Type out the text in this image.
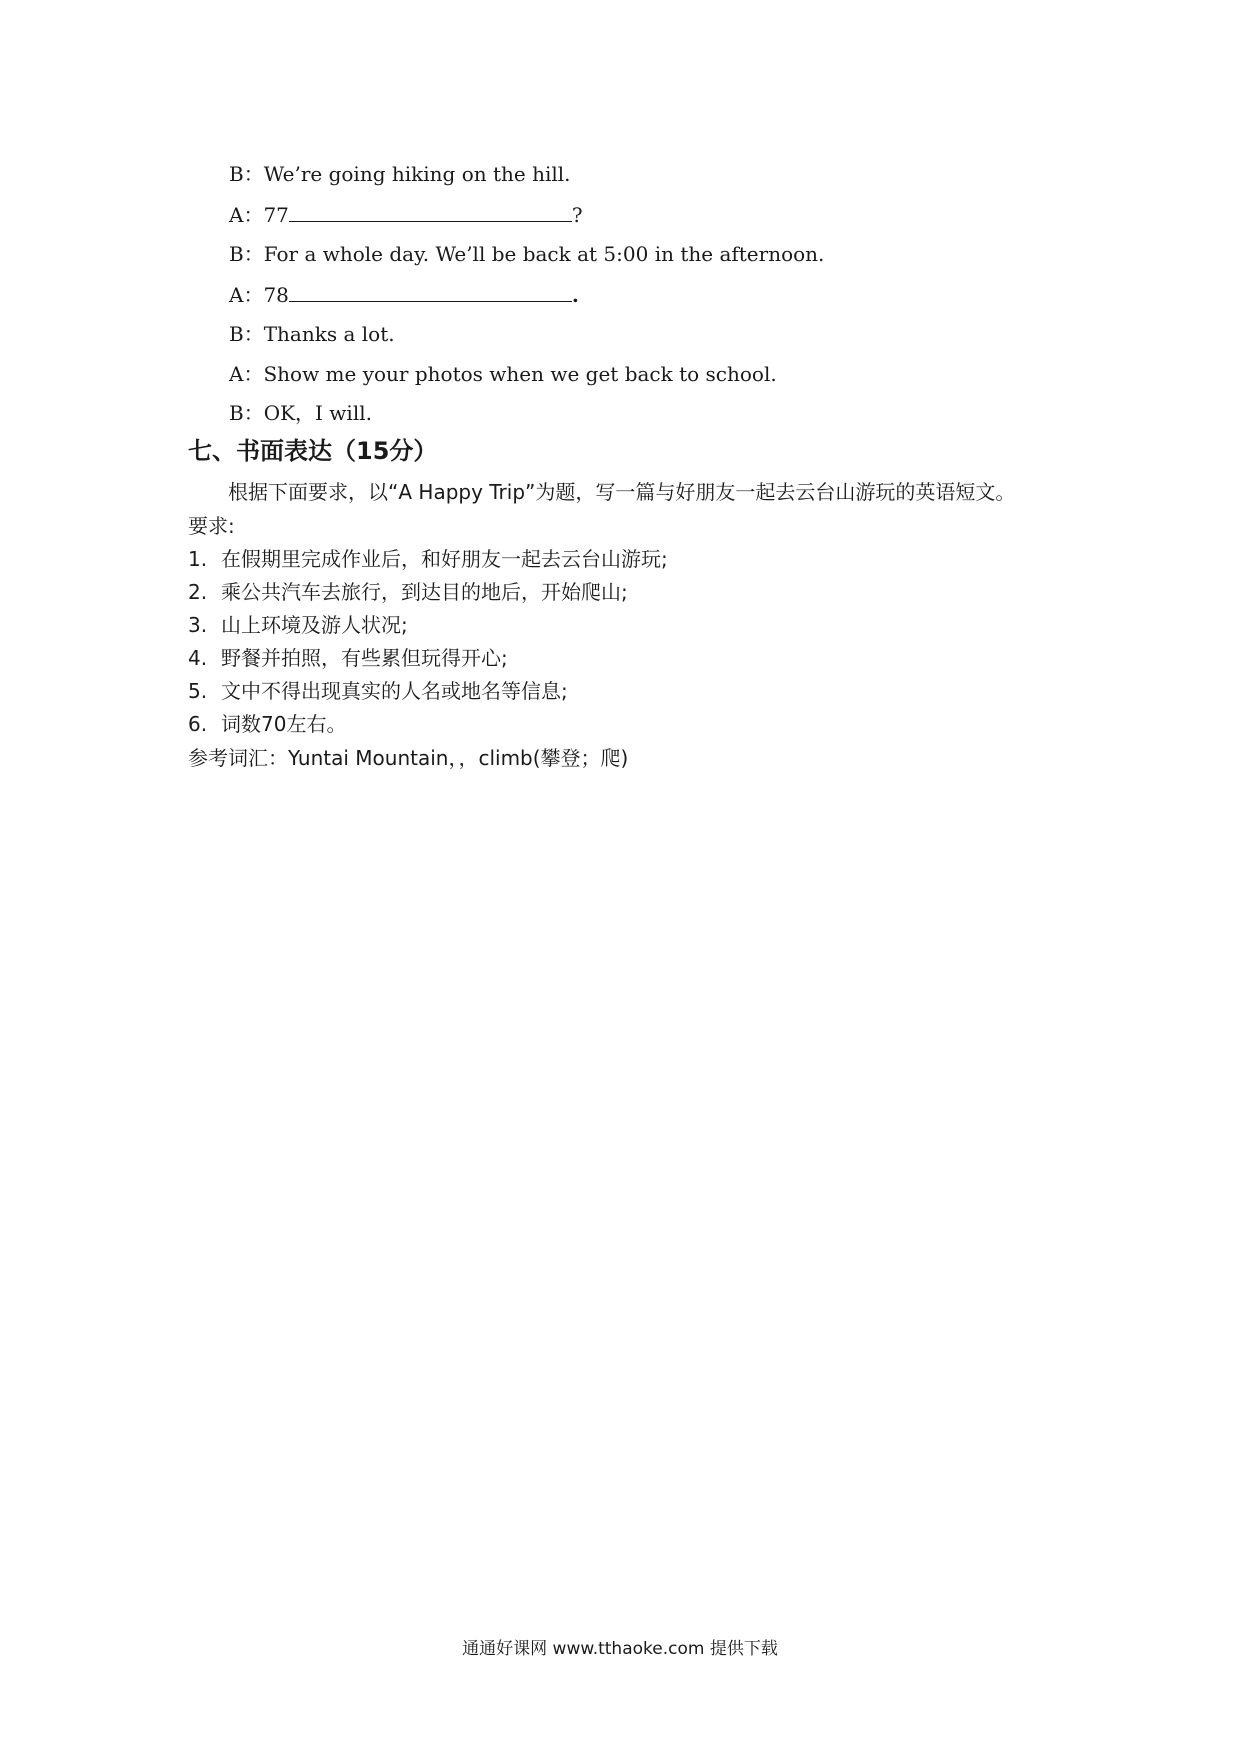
B：We’re going hiking on the hill.
A：77	?
B：For a whole day. We’ll be back at 5:00 in the afternoon.
A：78	.
B：Thanks a lot.
A：Show me your photos when we get back to school.
B：OK，I will.
七、书面表达（15分）
根据下面要求，以“A Happy Trip”为题，写一篇与好朋友一起去云台山游玩的英语短文。
要求:
1. 在假期里完成作业后，和好朋友一起去云台山游玩;
2. 乘公共汽车去旅行，到达目的地后，开始爬山;
3. 山上环境及游人状况;
4. 野餐并拍照，有些累但玩得开心;
5. 文中不得出现真实的人名或地名等信息;
6. 词数70左右。
参考词汇：Yuntai Mountain，，climb(攀登；爬)
通通好课网 www.tthaoke.com 提供下载
